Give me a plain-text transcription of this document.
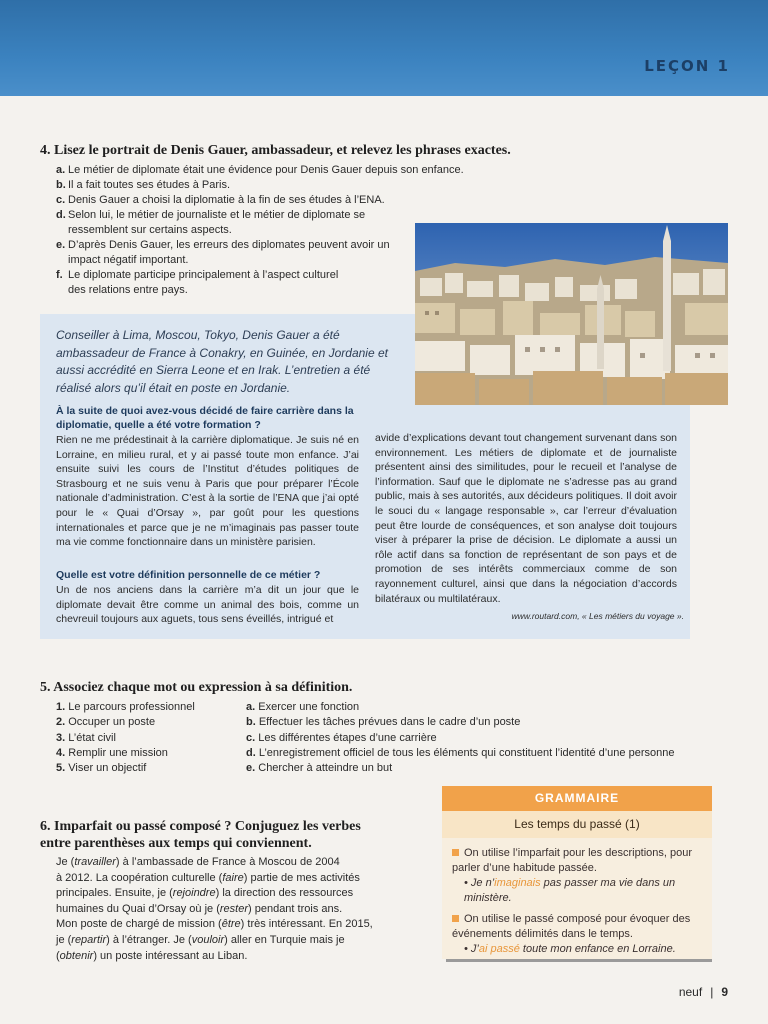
LEÇON 1
4. Lisez le portrait de Denis Gauer, ambassadeur, et relevez les phrases exactes.
a. Le métier de diplomate était une évidence pour Denis Gauer depuis son enfance.
b. Il a fait toutes ses études à Paris.
c. Denis Gauer a choisi la diplomatie à la fin de ses études à l’ENA.
d. Selon lui, le métier de journaliste et le métier de diplomate se ressemblent sur certains aspects.
e. D’après Denis Gauer, les erreurs des diplomates peuvent avoir un impact négatif important.
f. Le diplomate participe principalement à l’aspect culturel des relations entre pays.
Conseiller à Lima, Moscou, Tokyo, Denis Gauer a été ambassadeur de France à Conakry, en Guinée, en Jordanie et aussi accrédité en Sierra Leone et en Irak. L’entretien a été réalisé alors qu’il était en poste en Jordanie.
À la suite de quoi avez-vous décidé de faire carrière dans la diplomatie, quelle a été votre formation ?
Rien ne me prédestinait à la carrière diplomatique. Je suis né en Lorraine, en milieu rural, et y ai passé toute mon enfance. J’ai ensuite suivi les cours de l’Institut d’études politiques de Strasbourg et ne suis venu à Paris que pour préparer l’École nationale d’administration. C’est à la sortie de l’ENA que j’ai opté pour le « Quai d’Orsay », par goût pour les questions internationales et parce que je ne m’imaginais pas passer toute ma vie comme fonctionnaire dans un ministère parisien.
Quelle est votre définition personnelle de ce métier ?
Un de nos anciens dans la carrière m’a dit un jour que le diplomate devait être comme un animal des bois, comme un chevreuil toujours aux aguets, tous sens éveillés, intrigué et
avide d’explications devant tout changement survenant dans son environnement. Les métiers de diplomate et de journaliste présentent ainsi des similitudes, pour le recueil et l’analyse de l’information. Sauf que le diplomate ne s’adresse pas au grand public, mais à ses autorités, aux décideurs politiques. Il doit avoir le souci du « langage responsable », car l’erreur d’évaluation peut être lourde de conséquences, et son analyse doit toujours viser à préparer la prise de décision. Le diplomate a aussi un rôle actif dans sa fonction de représentant de son pays et de promotion de ses intérêts commerciaux comme de son rayonnement culturel, ainsi que dans la négociation d’accords bilatéraux ou multilatéraux.
www.routard.com, « Les métiers du voyage ».
5. Associez chaque mot ou expression à sa définition.
1. Le parcours professionnel
2. Occuper un poste
3. L’état civil
4. Remplir une mission
5. Viser un objectif
a. Exercer une fonction
b. Effectuer les tâches prévues dans le cadre d’un poste
c. Les différentes étapes d’une carrière
d. L’enregistrement officiel de tous les éléments qui constituent l’identité d’une personne
e. Chercher à atteindre un but
6. Imparfait ou passé composé ? Conjuguez les verbes
entre parenthèses aux temps qui conviennent.
Je (travailler) à l’ambassade de France à Moscou de 2004
à 2012. La coopération culturelle (faire) partie de mes activités
principales. Ensuite, je (rejoindre) la direction des ressources
humaines du Quai d’Orsay où je (rester) pendant trois ans.
Mon poste de chargé de mission (être) très intéressant. En 2015,
je (repartir) à l’étranger. Je (vouloir) aller en Turquie mais je
(obtenir) un poste intéressant au Liban.
GRAMMAIRE
Les temps du passé (1)
On utilise l’imparfait pour les descriptions, pour parler d’une habitude passée.
• Je n’imaginais pas passer ma vie dans un ministère.
On utilise le passé composé pour évoquer des événements délimités dans le temps.
• J’ai passé toute mon enfance en Lorraine.
neuf | 9
